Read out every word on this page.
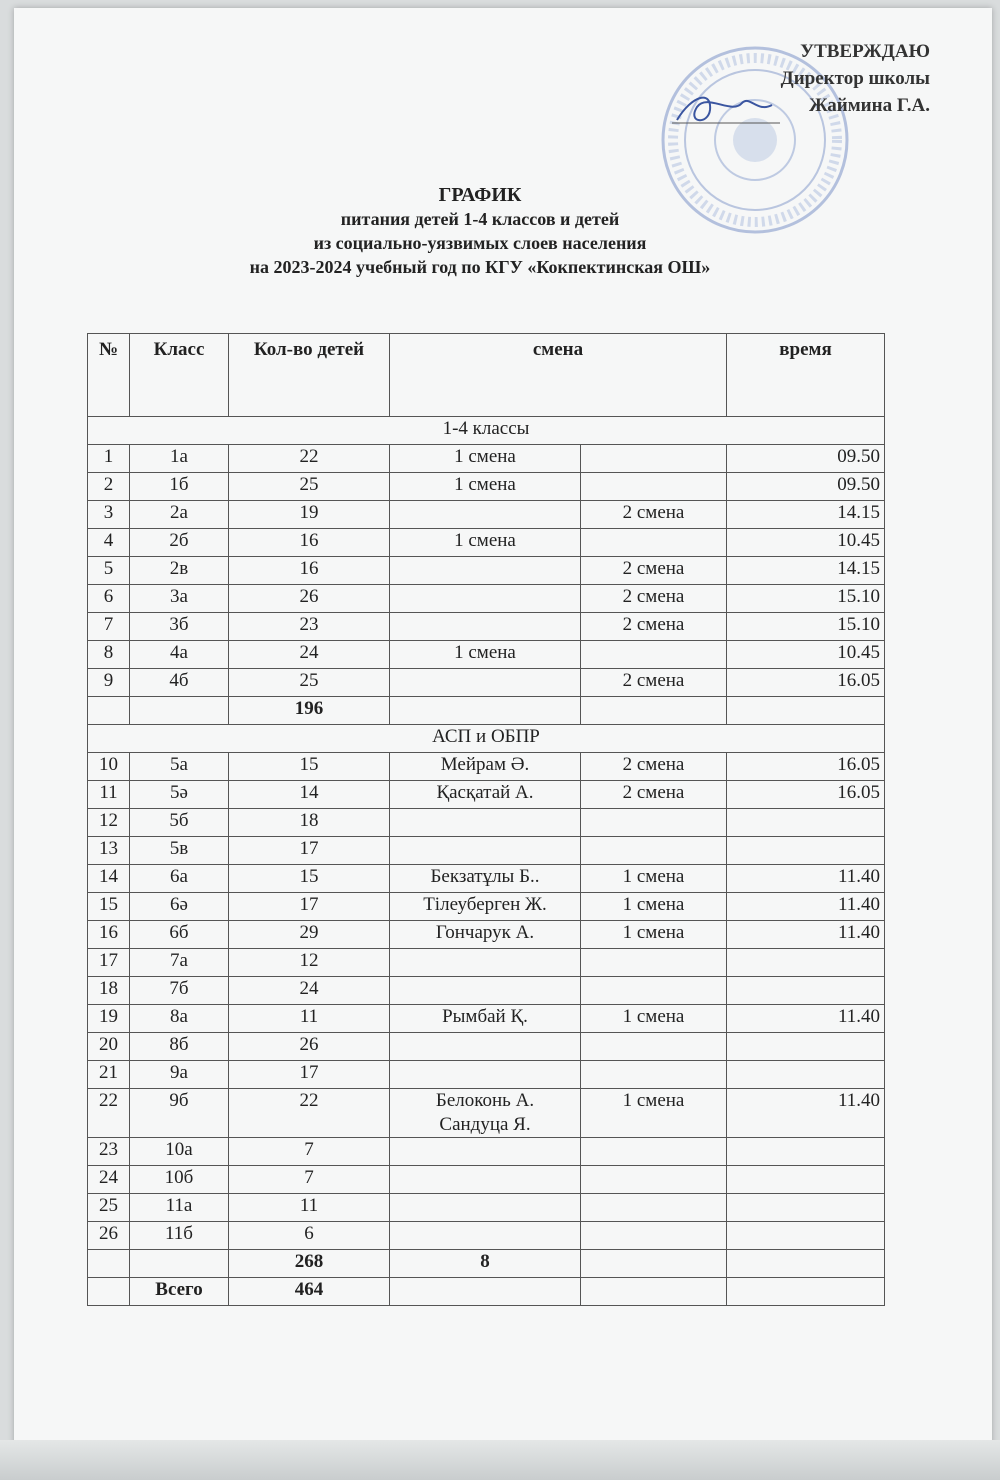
УТВЕРЖДАЮ
Директор школы
Жаймина Г.А.
ГРАФИК
питания детей 1-4 классов и детей
из социально-уязвимых слоев населения
на 2023-2024 учебный год по КГУ «Кокпектинская ОШ»
№	Класс	Кол-во детей	смена		время
1-4 классы					
1	1а	22	1 смена		09.50
2	1б	25	1 смена		09.50
3	2а	19		2 смена	14.15
4	2б	16	1 смена		10.45
5	2в	16		2 смена	14.15
6	3а	26		2 смена	15.10
7	3б	23		2 смена	15.10
8	4а	24	1 смена		10.45
9	4б	25		2 смена	16.05
		196			
АСП и ОБПР					
10	5а	15	Мейрам Ә.	2 смена	16.05
11	5ә	14	Қасқатай А.	2 смена	16.05
12	5б	18			
13	5в	17			
14	6а	15	Бекзатұлы Б..	1 смена	11.40
15	6ә	17	Тілеуберген Ж.	1 смена	11.40
16	6б	29	Гончарук А.	1 смена	11.40
17	7а	12			
18	7б	24			
19	8а	11	Рымбай Қ.	1 смена	11.40
20	8б	26			
21	9а	17			
22	9б	22	Белоконь А.
Сандуца Я.	1 смена	11.40
23	10а	7			
24	10б	7			
25	11а	11			
26	11б	6			
		268	8		
	Всего	464			
